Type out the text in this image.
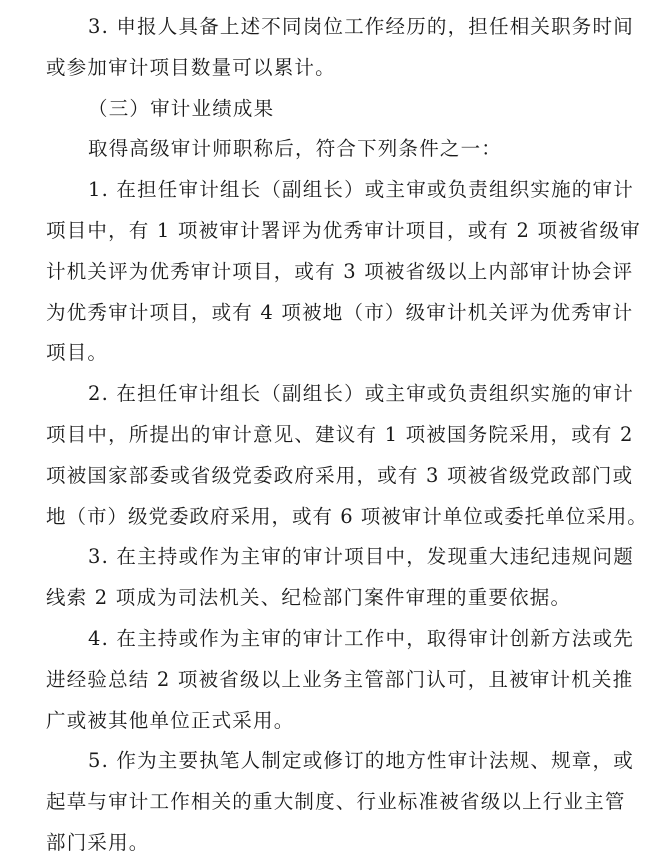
3. 申报人具备上述不同岗位工作经历的，担任相关职务时间
或参加审计项目数量可以累计。
（三）审计业绩成果
取得高级审计师职称后，符合下列条件之一：
1. 在担任审计组长（副组长）或主审或负责组织实施的审计
项目中，有 1 项被审计署评为优秀审计项目，或有 2 项被省级审
计机关评为优秀审计项目，或有 3 项被省级以上内部审计协会评
为优秀审计项目，或有 4 项被地（市）级审计机关评为优秀审计
项目。
2. 在担任审计组长（副组长）或主审或负责组织实施的审计
项目中，所提出的审计意见、建议有 1 项被国务院采用，或有 2
项被国家部委或省级党委政府采用，或有 3 项被省级党政部门或
地（市）级党委政府采用，或有 6 项被审计单位或委托单位采用。
3. 在主持或作为主审的审计项目中，发现重大违纪违规问题
线索 2 项成为司法机关、纪检部门案件审理的重要依据。
4. 在主持或作为主审的审计工作中，取得审计创新方法或先
进经验总结 2 项被省级以上业务主管部门认可，且被审计机关推
广或被其他单位正式采用。
5. 作为主要执笔人制定或修订的地方性审计法规、规章，或
起草与审计工作相关的重大制度、行业标准被省级以上行业主管
部门采用。
